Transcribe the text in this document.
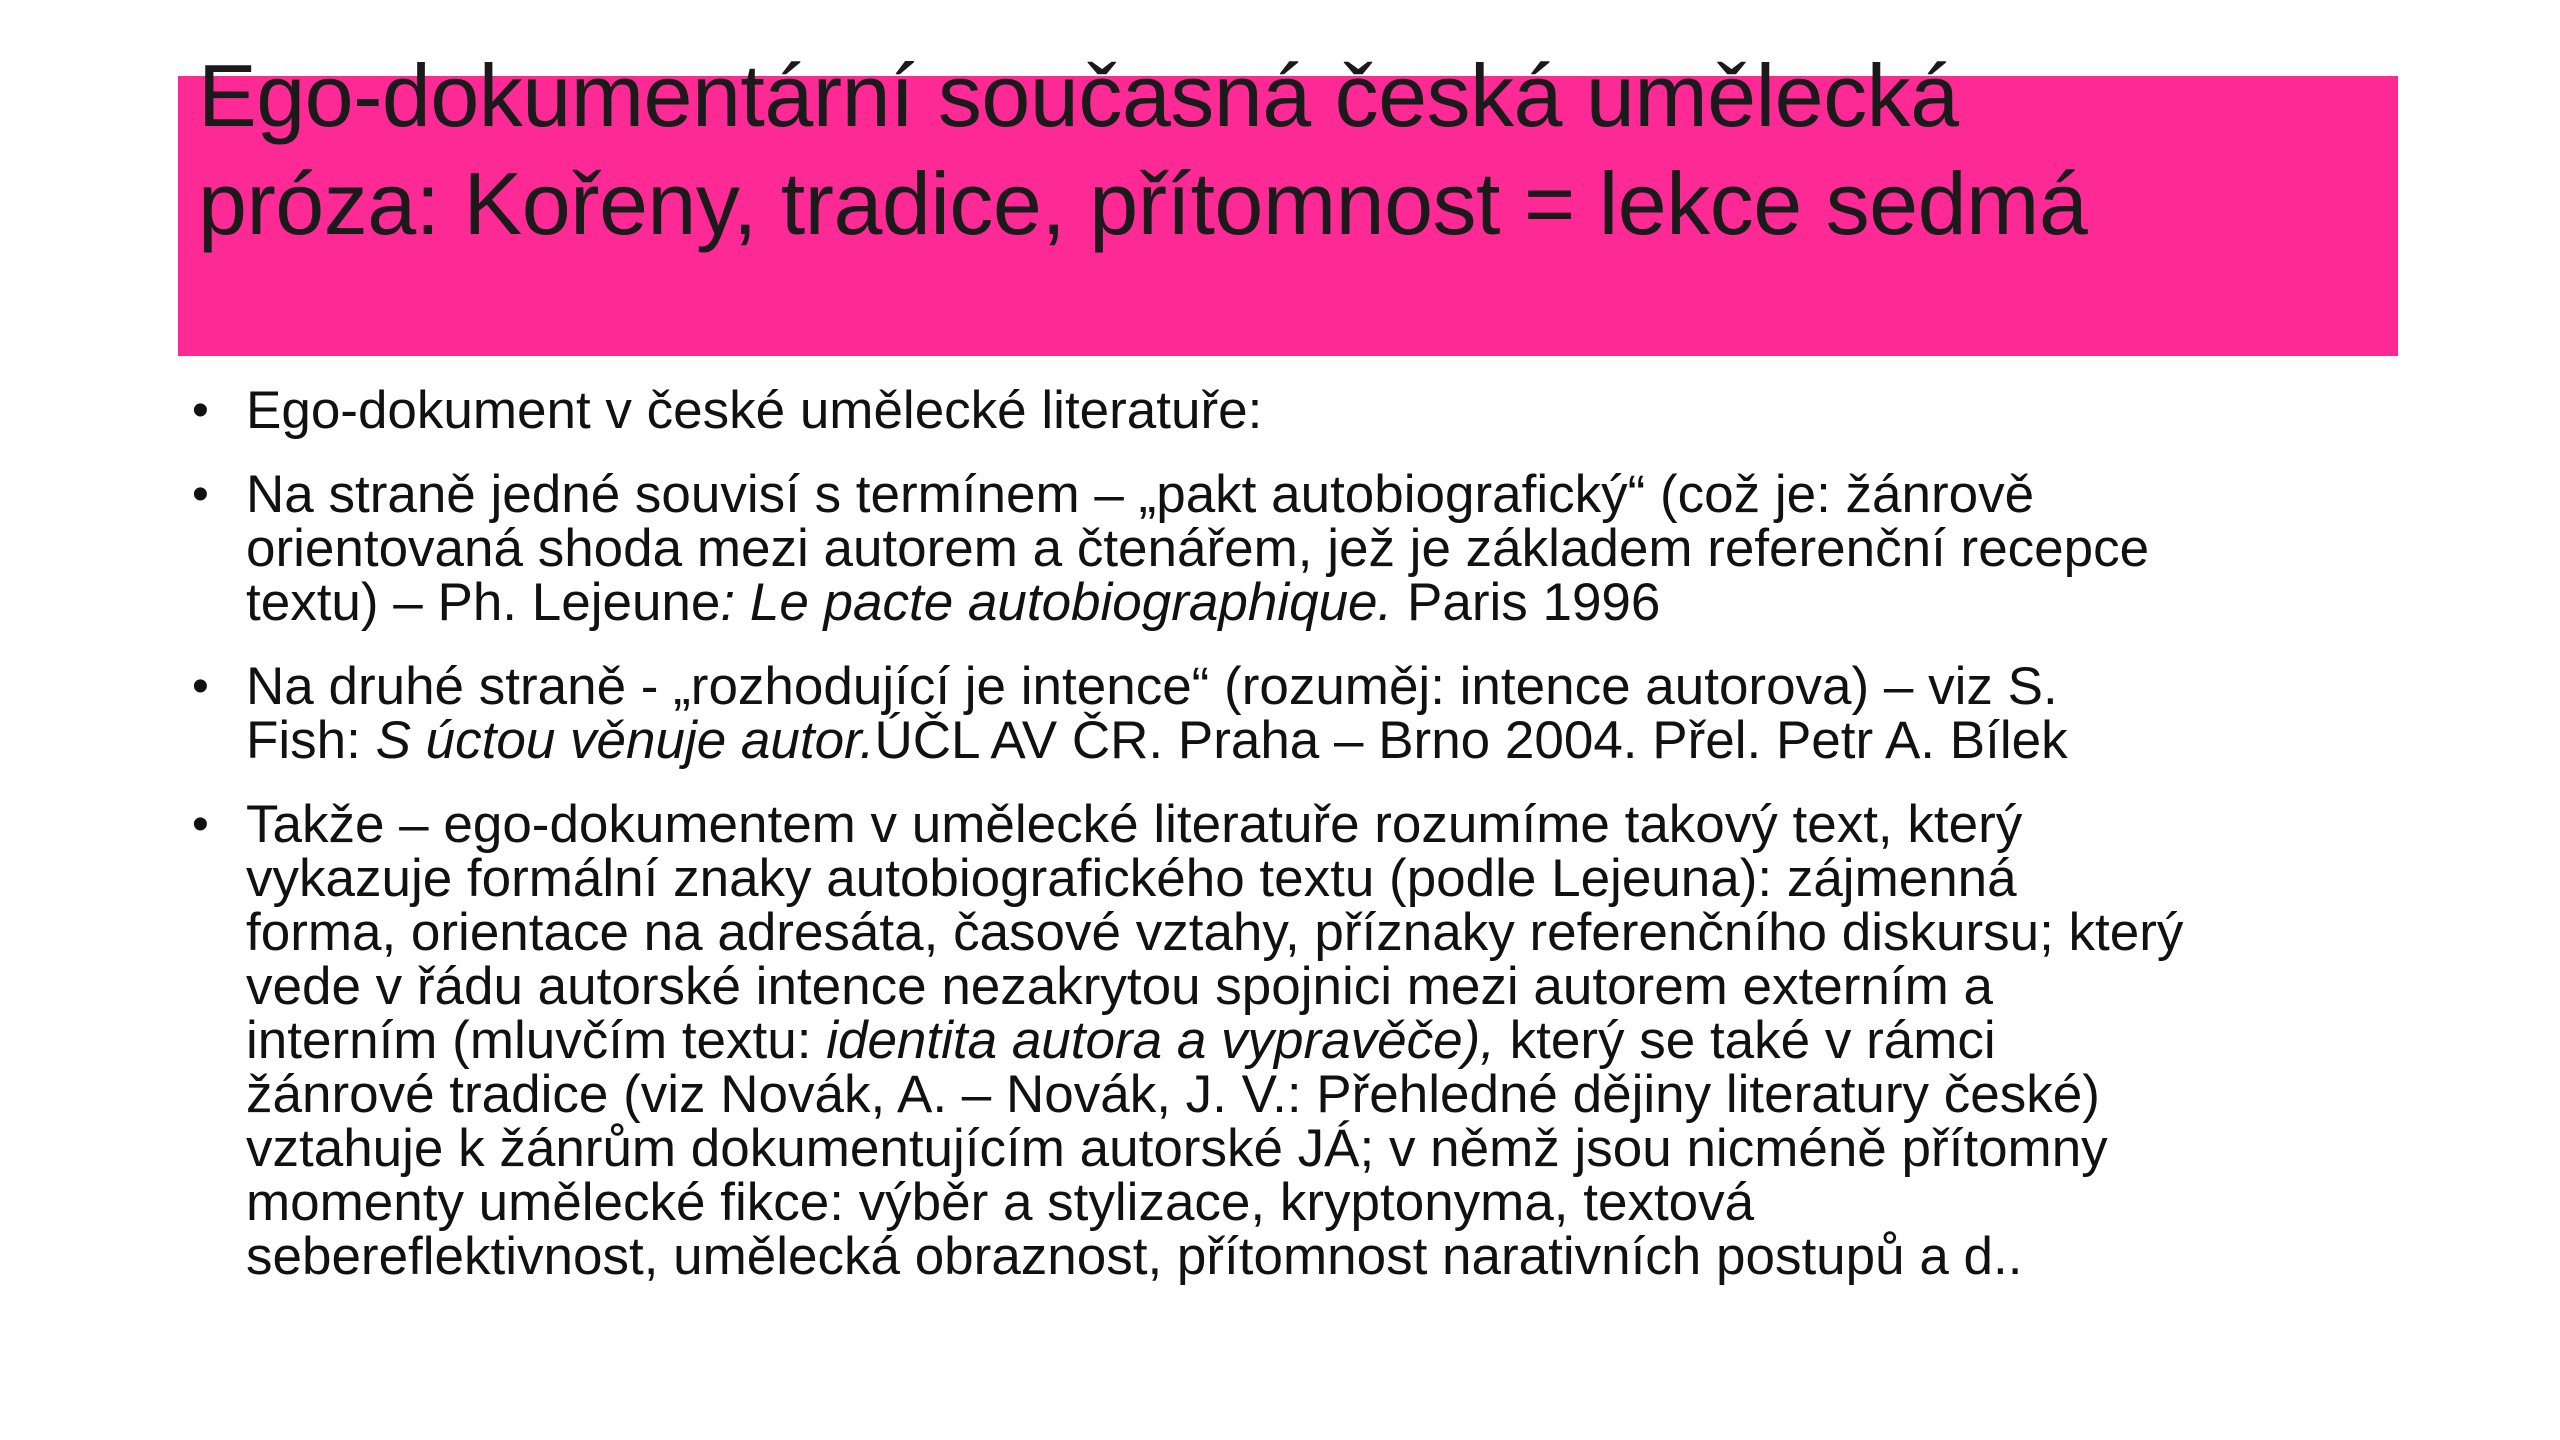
Ego-dokumentární současná česká umělecká
próza: Kořeny, tradice, přítomnost = lekce sedmá
• Ego-dokument v české umělecké literatuře:
• Na straně jedné souvisí s termínem – „pakt autobiografický“ (což je: žánrově
orientovaná shoda mezi autorem a čtenářem, jež je základem referenční recepce
textu) – Ph. Lejeune: Le pacte autobiographique. Paris 1996
• Na druhé straně - „rozhodující je intence“ (rozuměj: intence autorova) – viz S.
Fish: S úctou věnuje autor.ÚČL AV ČR. Praha – Brno 2004. Přel. Petr A. Bílek
• Takže – ego-dokumentem v umělecké literatuře rozumíme takový text, který
vykazuje formální znaky autobiografického textu (podle Lejeuna): zájmenná
forma, orientace na adresáta, časové vztahy, příznaky referenčního diskursu; který
vede v řádu autorské intence nezakrytou spojnici mezi autorem externím a
interním (mluvčím textu: identita autora a vypravěče), který se také v rámci
žánrové tradice (viz Novák, A. – Novák, J. V.: Přehledné dějiny literatury české)
vztahuje k žánrům dokumentujícím autorské JÁ; v němž jsou nicméně přítomny
momenty umělecké fikce: výběr a stylizace, kryptonyma, textová
sebereflektivnost, umělecká obraznost, přítomnost narativních postupů a d..
